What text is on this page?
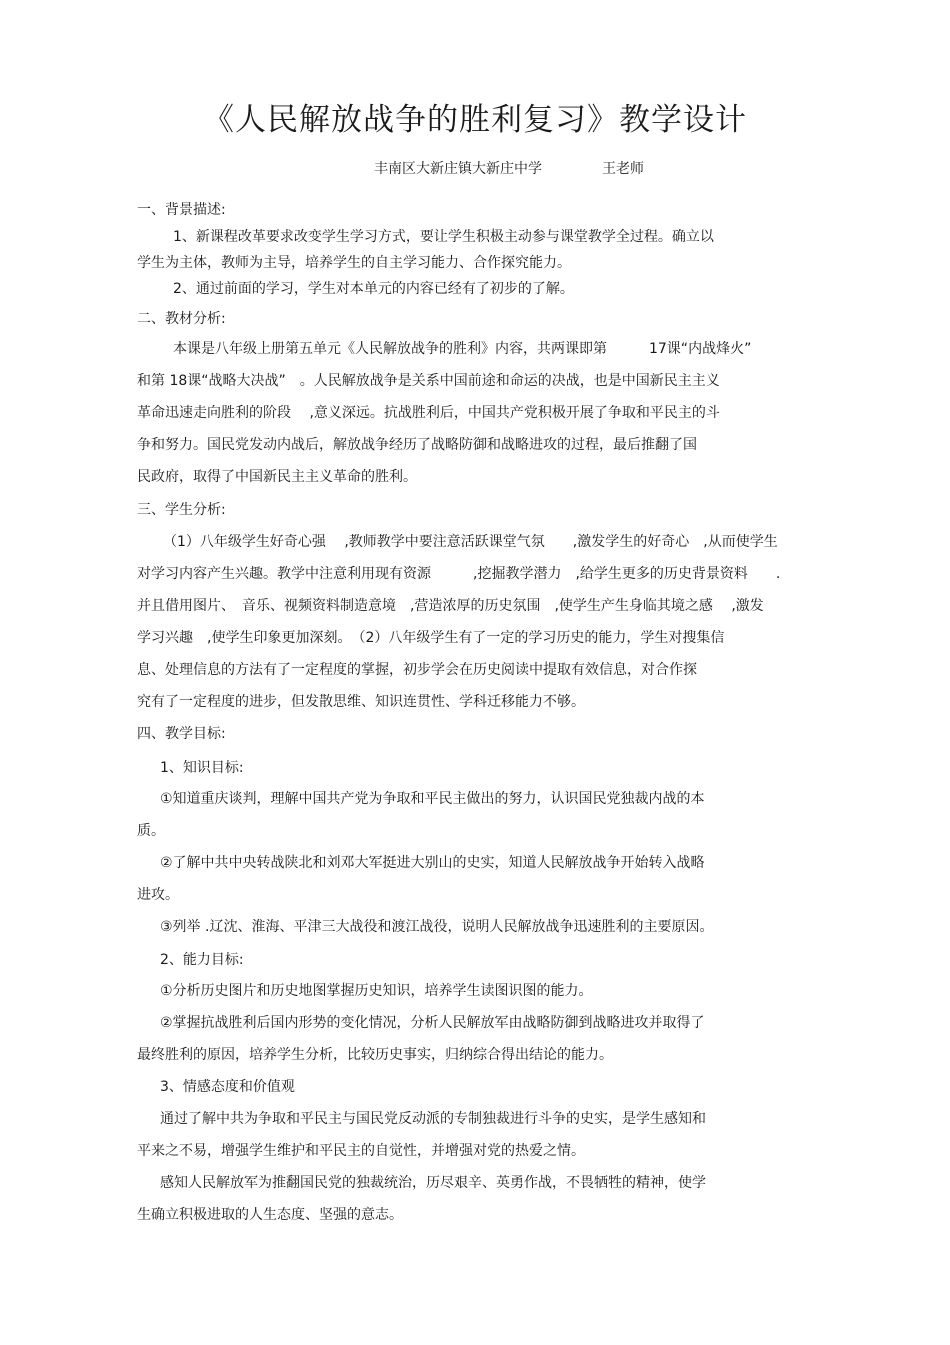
《人民解放战争的胜利复习》教学设计
丰南区大新庄镇大新庄中学	王老师

一、背景描述:

1、新课程改革要求改变学生学习方式，要让学生积极主动参与课堂教学全过程。确立以

学生为主体，教师为主导，培养学生的自主学习能力、合作探究能力。

2、通过前面的学习，学生对本单元的内容已经有了初步的了解。

二、教材分析:

本课是八年级上册第五单元《人民解放战争的胜利》内容，共两课即第　　　17课“内战烽火”

和第 18课“战略大决战”　。人民解放战争是关系中国前途和命运的决战，也是中国新民主主义

革命迅速走向胜利的阶段　 ,意义深远。抗战胜利后，中国共产党积极开展了争取和平民主的斗

争和努力。国民党发动内战后，解放战争经历了战略防御和战略进攻的过程，最后推翻了国

民政府，取得了中国新民主主义革命的胜利。

三、学生分析:

（1）八年级学生好奇心强　 ,教师教学中要注意活跃课堂气氛　　,激发学生的好奇心　,从而使学生

对学习内容产生兴趣。教学中注意利用现有资源　　　,挖掘教学潜力　,给学生更多的历史背景资料　　.

并且借用图片、　音乐、视频资料制造意境　,营造浓厚的历史氛围　,使学生产生身临其境之感　 ,激发

学习兴趣　,使学生印象更加深刻。　（2）八年级学生有了一定的学习历史的能力，学生对搜集信

息、处理信息的方法有了一定程度的掌握，初步学会在历史阅读中提取有效信息，对合作探

究有了一定程度的进步，但发散思维、知识连贯性、学科迁移能力不够。

四、教学目标:

1、知识目标:

①知道重庆谈判，理解中国共产党为争取和平民主做出的努力，认识国民党独裁内战的本

质。

②了解中共中央转战陕北和刘邓大军挺进大别山的史实，知道人民解放战争开始转入战略

进攻。

③列举 .辽沈、淮海、平津三大战役和渡江战役，说明人民解放战争迅速胜利的主要原因。

2、能力目标:

①分析历史图片和历史地图掌握历史知识，培养学生读图识图的能力。

②掌握抗战胜利后国内形势的变化情况，分析人民解放军由战略防御到战略进攻并取得了

最终胜利的原因，培养学生分析，比较历史事实，归纳综合得出结论的能力。

3、情感态度和价值观

通过了解中共为争取和平民主与国民党反动派的专制独裁进行斗争的史实，是学生感知和

平来之不易，增强学生维护和平民主的自觉性，并增强对党的热爱之情。

感知人民解放军为推翻国民党的独裁统治，历尽艰辛、英勇作战，不畏牺牲的精神，使学

生确立积极进取的人生态度、坚强的意志。
